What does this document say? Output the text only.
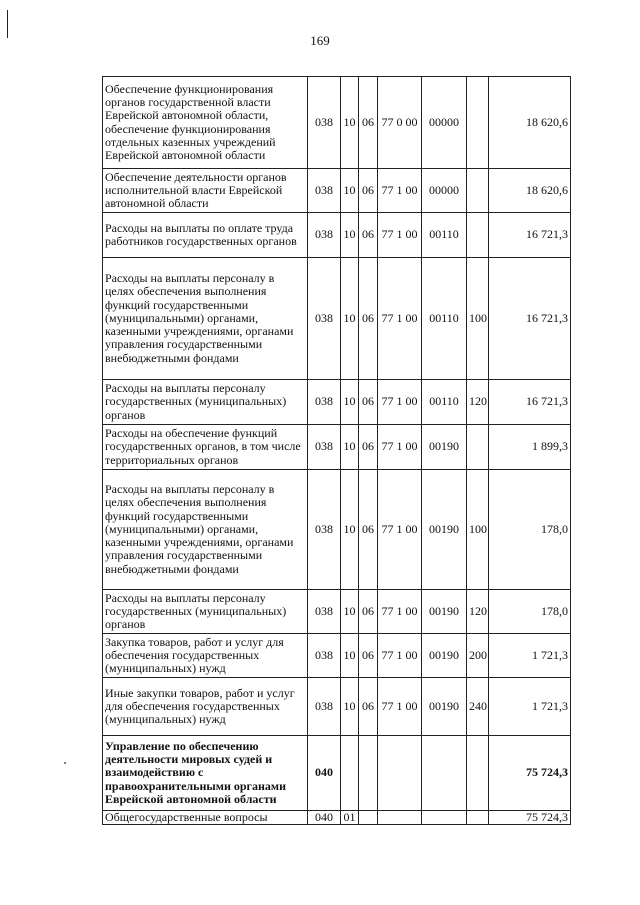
169
Обеспечение функционирования органов государственной власти Еврейской автономной области, обеспечение функционирования отдельных казенных учреждений Еврейской автономной области	038	10	06	77 0 00	00000		18 620,6
Обеспечение деятельности органов исполнительной власти Еврейской автономной области	038	10	06	77 1 00	00000		18 620,6
Расходы на выплаты по оплате труда работников государственных органов	038	10	06	77 1 00	00110		16 721,3
Расходы на выплаты персоналу в целях обеспечения выполнения функций государственными (муниципальными) органами, казенными учреждениями, органами управления государственными внебюджетными фондами	038	10	06	77 1 00	00110	100	16 721,3
Расходы на выплаты персоналу государственных (муниципальных) органов	038	10	06	77 1 00	00110	120	16 721,3
Расходы на обеспечение функций государственных органов, в том числе территориальных органов	038	10	06	77 1 00	00190		1 899,3
Расходы на выплаты персоналу в целях обеспечения выполнения функций государственными (муниципальными) органами, казенными учреждениями, органами управления государственными внебюджетными фондами	038	10	06	77 1 00	00190	100	178,0
Расходы на выплаты персоналу государственных (муниципальных) органов	038	10	06	77 1 00	00190	120	178,0
Закупка товаров, работ и услуг для обеспечения государственных (муниципальных) нужд	038	10	06	77 1 00	00190	200	1 721,3
Иные закупки товаров, работ и услуг для обеспечения государственных (муниципальных) нужд	038	10	06	77 1 00	00190	240	1 721,3
Управление по обеспечению деятельности мировых судей и взаимодействию с правоохранительными органами Еврейской автономной области	040						75 724,3
Общегосударственные вопросы	040	01					75 724,3
